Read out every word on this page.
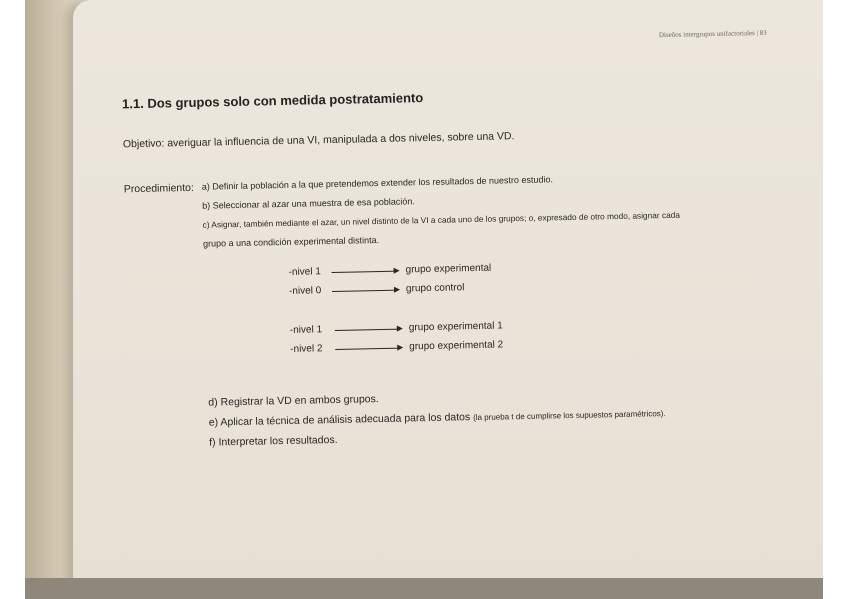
Diseños intergrupos unifactoriales | 83
1.1. Dos grupos solo con medida postratamiento
Objetivo: averiguar la influencia de una VI, manipulada a dos niveles, sobre una VD.
Procedimiento: a) Definir la población a la que pretendemos extender los resultados de nuestro estudio.
b) Seleccionar al azar una muestra de esa población.
c) Asignar, también mediante el azar, un nivel distinto de la VI a cada uno de los grupos; o, expresado de otro modo, asignar cada
grupo a una condición experimental distinta.
-nivel 1	grupo experimental
-nivel 0	grupo control
-nivel 1	grupo experimental 1
-nivel 2	grupo experimental 2
d) Registrar la VD en ambos grupos.
e) Aplicar la técnica de análisis adecuada para los datos (la prueba t de cumplirse los supuestos paramétricos).
f) Interpretar los resultados.
